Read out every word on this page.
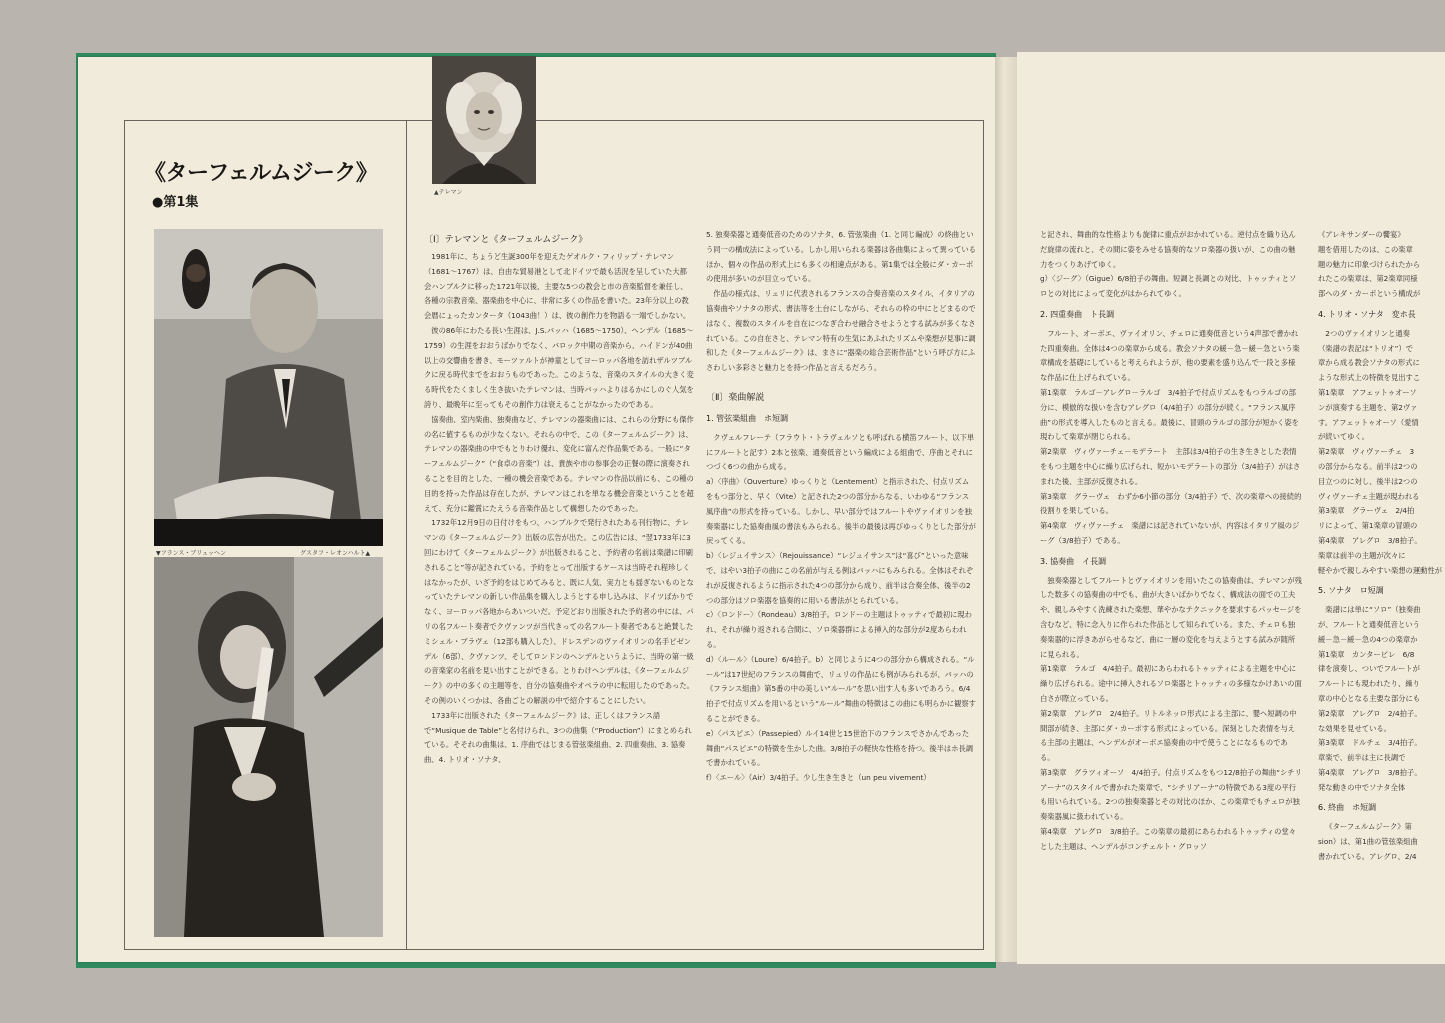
▲テレマン
《ターフェルムジーク》
●第1集
▼フランス・ブリュッヘン	グスタフ・レオンハルト▲
〔Ⅰ〕テレマンと《ターフェルムジーク》

1981年に、ちょうど生誕300年を迎えたゲオルク・フィリップ・テレマン（1681～1767）は、自由な貿易港として北ドイツで最も活況を呈していた大都会ハンブルクに移った1721年以後、主要な5つの教会と市の音楽監督を兼任し、各種の宗教音楽、器楽曲を中心に、非常に多くの作品を書いた。23年分以上の教会暦にょったカンタータ（1043曲！）は、彼の創作力を物語る一端でしかない。

彼の86年にわたる長い生涯は、J.S.バッハ（1685～1750）、ヘンデル（1685～1759）の生涯をおおうばかりでなく、バロック中期の音楽から、ハイドンが40曲以上の交響曲を書き、モーツァルトが神童としてヨーロッパ各地を訪れザルツブルクに戻る時代までをおおうものであった。このような、音楽のスタイルの大きく変る時代をたくましく生き抜いたテレマンは、当時バッハよりはるかにしのぐ人気を誇り、最晩年に至ってもその創作力は衰えることがなかったのである。

協奏曲、室内楽曲、独奏曲など、テレマンの器楽曲には、これらの分野にも傑作の名に値するものが少なくない。それらの中で、この《ターフェルムジーク》は、テレマンの器楽曲の中でもとりわけ優れ、変化に富んだ作品集である。一般に“ターフェルムジーク”（“食卓の音楽”）は、貴族や市の参事会の正餐の際に演奏されることを目的とした、一種の機会音楽である。テレマンの作品以前にも、この種の目的を持った作品は存在したが、テレマンはこれを単なる機会音楽ということを超えて、充分に鑑賞にたえうる音楽作品として構想したのであった。

1732年12月9日の日付けをもつ、ハンブルクで発行されたある刊行物に、テレマンの《ターフェルムジーク》出版の広告が出た。この広告には、“翌1733年に3回にわけて《ターフェルムジーク》が出版されること、予約者の名前は楽譜に印刷されること”等が記されている。予約をとって出版するケースは当時それ程珍しくはなかったが、いざ予約をはじめてみると、既に人気、実力とも揺ぎないものとなっていたテレマンの新しい作品集を購入しようとする申し込みは、ドイツばかりでなく、ヨーロッパ各地からあいついだ。予定どおり出版された予約者の中には、パリの名フルート奏者でクヴァンツが当代きっての名フルート奏者であると絶賛したミシェル・ブラヴェ（12部も購入した）、ドレスデンのヴァイオリンの名手ピゼンデル（6部）、クヴァンツ、そしてロンドンのヘンデルというように、当時の第一級の音楽家の名前を見い出すことができる。とりわけヘンデルは、《ターフェルムジーク》の中の多くの主題等を、自分の協奏曲やオペラの中に転用したのであった。その例のいくつかは、各曲ごとの解説の中で紹介することにしたい。

1733年に出版された《ターフェルムジーク》は、正しくはフランス語で“Musique de Table”と名付けられ、3つの曲集（“Production”）にまとめられている。そそれの曲集は、1. 序曲ではじまる管弦楽組曲、2. 四重奏曲、3. 協奏曲、4. トリオ・ソナタ、

5. 独奏楽器と通奏低音のためのソナタ、6. 管弦楽曲（1. と同じ編成）の終曲という同一の構成法によっている。しかし用いられる楽器は各曲集によって異っているほか、個々の作品の形式上にも多くの相違点がある。第1集では全般にダ・カーポの使用が多いのが目立っている。

作品の様式は、リュリに代表されるフランスの合奏音楽のスタイル、イタリアの協奏曲やソナタの形式、書法等を土台にしながら、それらの枠の中にとどまるのではなく、複数のスタイルを自在につなぎ合わせ融合させようとする試みが多くなされている。この自在さと、テレマン特有の生気にあふれたリズムや楽想が見事に調和した《ターフェルムジーク》は、まさに“器楽の総合芸術作品”という呼び方にふさわしい多彩さと魅力とを持つ作品と言えるだろう。

〔Ⅱ〕楽曲解説
1. 管弦楽組曲　ホ短調

クヴェルフレーテ（フラウト・トラヴェルソとも呼ばれる横笛フルート、以下単にフルートと記す）2本と弦楽、通奏低音という編成による組曲で、序曲とそれにつづく6つの曲から成る。

a）〈序曲〉（Ouverture）ゆっくりと（Lentement）と指示された、付点リズムをもつ部分と、早く（Vite）と記された2つの部分からなる、いわゆる“フランス風序曲”の形式を持っている。しかし、早い部分ではフルートやヴァイオリンを独奏楽器にした協奏曲風の書法もみられる。後半の最後は再びゆっくりとした部分が戻ってくる。

b）〈レジュイサンス〉（Rejouissance）“レジュイサンス”は“喜び”といった意味で、はやい3拍子の曲にこの名前が与える例はバッハにもみられる。全体はそれぞれが反復されるように指示された4つの部分から成り、前半は合奏全体、後半の2つの部分はソロ楽器を協奏的に用いる書法がとられている。

c）〈ロンドー〉（Rondeau）3/8拍子。ロンドーの主題はトゥッティで最初に現われ、それが繰り返される合間に、ソロ楽器群による挿入的な部分が2度あらわれる。

d）〈ルール〉（Loure）6/4拍子。b）と同じように4つの部分から構成される。“ルール”は17世紀のフランスの舞曲で、リュリの作品にも例がみられるが、バッハの《フランス組曲》第5番の中の美しい“ルール”を思い出す人も多いであろう。6/4拍子で付点リズムを用いるという“ルール”舞曲の特徴はこの曲にも明らかに観察することができる。

e）〈パスピエ〉（Passepied）ルイ14世と15世治下のフランスでさかんであった舞曲“パスピエ”の特徴を生かした曲。3/8拍子の軽快な性格を持つ。後半はホ長調で書かれている。

f）〈エール〉（Air）3/4拍子。少し生き生きと（un peu vivement）

と記され、舞曲的な性格よりも旋律に重点がおかれている。逆付点を織り込んだ旋律の流れと、その間に姿をみせる協奏的なソロ楽器の扱いが、この曲の魅力をつくりあげてゆく。

g）〈ジーグ〉（Gigue）6/8拍子の舞曲。短調と長調との対比、トゥッティとソロとの対比によって変化がはかられてゆく。

2. 四重奏曲　ト長調

フルート、オーボエ、ヴァイオリン、チェロに通奏低音という4声部で書かれた四重奏曲。全体は4つの楽章から成る。教会ソナタの緩－急－緩－急という楽章構成を基礎にしていると考えられようが、他の要素を盛り込んで一段と多様な作品に仕上げられている。

第1楽章　ラルゴ－アレグロ－ラルゴ　3/4拍子で付点リズムをもつラルゴの部分に、模倣的な扱いを含むアレグロ（4/4拍子）の部分が続く。“フランス風序曲”の形式を導入したものと言える。最後に、冒頭のラルゴの部分が短かく姿を現わして楽章が閉じられる。

第2楽章　ヴィヴァーチェ－モデラート　主部は3/4拍子の生き生きとした表情をもつ主題を中心に繰り広げられ、短かいモデラートの部分（3/4拍子）がはさまれた後、主部が反復される。

第3楽章　グラーヴェ　わずか6小節の部分（3/4拍子）で、次の楽章への接続的役割りを果している。

第4楽章　ヴィヴァーチェ　楽譜には記されていないが、内容はイタリア風のジーグ（3/8拍子）である。

3. 協奏曲　イ長調

独奏楽器としてフルートとヴァイオリンを用いたこの協奏曲は、テレマンが残した数多くの協奏曲の中でも、曲が大きいばかりでなく、構成法の面での工夫や、親しみやすく洗練された楽想、華やかなテクニックを要求するパッセージを含むなど、特に念入りに作られた作品として知られている。また、チェロも独奏楽器的に浮きあがらせるなど、曲に一層の変化を与えようとする試みが随所に見られる。

第1楽章　ラルゴ　4/4拍子。最初にあらわれるトゥッティによる主題を中心に繰り広げられる。途中に挿入されるソロ楽器とトゥッティの多様なかけあいの面白さが際立っている。

第2楽章　アレグロ　2/4拍子。リトルネッロ形式による主部に、嬰ヘ短調の中間部が続き、主部にダ・カーポする形式によっている。深刻とした表情を与える主部の主題は、ヘンデルがオーボエ協奏曲の中で使うことになるものである。

第3楽章　グラツィオーソ　4/4拍子。付点リズムをもつ12/8拍子の舞曲“シチリアーナ”のスタイルで書かれた楽章で、“シチリアーナ”の特徴である3度の平行も用いられている。2つの独奏楽器とその対比のほか、この楽章でもチェロが独奏楽器風に扱われている。

第4楽章　アレグロ　3/8拍子。この楽章の最初にあらわれるトゥッティの堂々とした主題は、ヘンデルがコンチェルト・グロッソ

《アレキサンダーの饗宴》

題を借用したのは、この楽章

題の魅力に印象づけられたから

れたこの楽章は、第2楽章同様

部へのダ・カーポという構成が

4. トリオ・ソナタ　変ホ長

2つのヴァイオリンと通奏

（楽譜の表記は“トリオ”）で

章から成る教会ソナタの形式に

ような形式上の特徴を見出すこ

第1楽章　アフェットゥオーソ

ンが演奏する主題を、第2ヴァ

す。アフェットゥオーソ（愛情

が続いてゆく。

第2楽章　ヴィヴァーチェ　3

の部分からなる。前半は2つの

目立つのに対し、後半は2つの

ヴィヴァーチェ主題が現われる

第3楽章　グラーヴェ　2/4拍

リによって、第1楽章の冒頭の

第4楽章　アレグロ　3/8拍子。

楽章は前半の主題が次々に

軽やかで親しみやすい楽想の運動性が

5. ソナタ　ロ短調

楽譜には単に“ソロ”（独奏曲

が、フルートと通奏低音という

緩－急－緩－急の4つの楽章か

第1楽章　カンタービレ　6/8

律を演奏し、ついでフルートが

フルートにも現われたり、繰り

章の中心となる主要な部分にも

第2楽章　アレグロ　2/4拍子。

な効果を見せている。

第3楽章　ドルチェ　3/4拍子。

章楽で、前半は主に長調で

第4楽章　アレグロ　3/8拍子。

発な動きの中でソナタ全体

6. 終曲　ホ短調

《ターフェルムジーク》第

sion）は、第1曲の管弦楽組曲

書かれている。アレグロ、2/4
